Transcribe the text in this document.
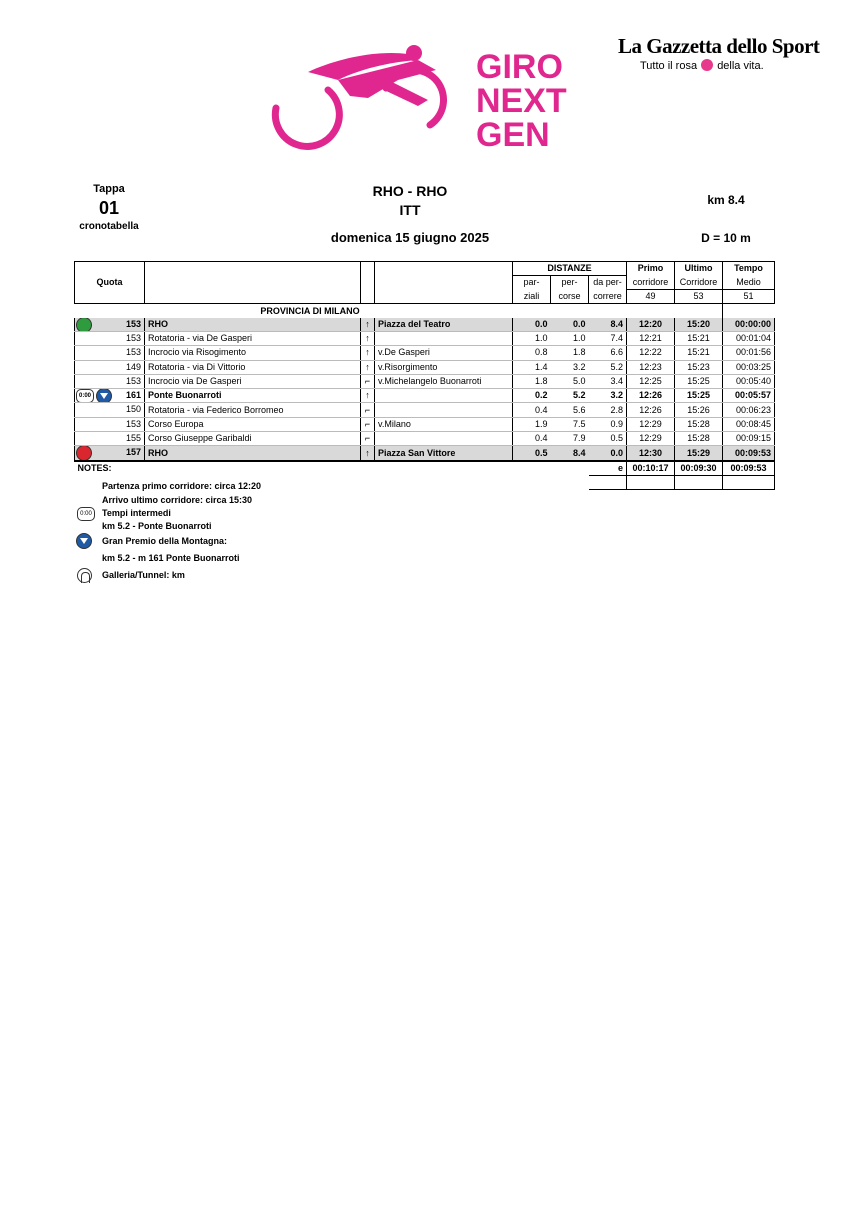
GIRO
NEXT
GEN
La Gazzetta dello Sport
Tutto il rosa della vita.
Tappa
01
cronotabella
RHO - RHO
ITT
domenica 15 giugno 2025
km 8.4
D = 10 m
				DISTANZE			Primo	Ultimo	Tempo
Quota				par-	per-	da per-	corridore	Corridore	Medio
				ziali	corse	correre	49	53	51
	PROVINCIA DI MILANO								

153	RHO	↑	Piazza del Teatro	0.0	0.0	8.4	12:20	15:20	00:00:00

153	Rotatoria - via De Gasperi	↑		1.0	1.0	7.4	12:21	15:21	00:01:04

153	Incrocio via Risogimento	↑	v.De Gasperi	0.8	1.8	6.6	12:22	15:21	00:01:56

149	Rotatoria - via Di Vittorio	↑	v.Risorgimento	1.4	3.2	5.2	12:23	15:23	00:03:25

153	Incrocio via De Gasperi	⌐	v.Michelangelo Buonarroti	1.8	5.0	3.4	12:25	15:25	00:05:40

0:00 161	Ponte Buonarroti	↑		0.2	5.2	3.2	12:26	15:25	00:05:57

150	Rotatoria - via Federico Borromeo	⌐		0.4	5.6	2.8	12:26	15:26	00:06:23

153	Corso Europa	⌐	v.Milano	1.9	7.5	0.9	12:29	15:28	00:08:45

155	Corso Giuseppe Garibaldi	⌐		0.4	7.9	0.5	12:29	15:28	00:09:15

157	RHO	↑	Piazza San Vittore	0.5	8.4	0.0	12:30	15:29	00:09:53
NOTES:						e	00:10:17	00:09:30	00:09:53

Partenza primo corridore: circa 12:20
Arrivo ultimo corridore: circa 15:30
0:00	Tempi intermedi
km 5.2 - Ponte Buonarroti
Gran Premio della Montagna:
km 5.2 - m 161 Ponte Buonarroti
Galleria/Tunnel: km
